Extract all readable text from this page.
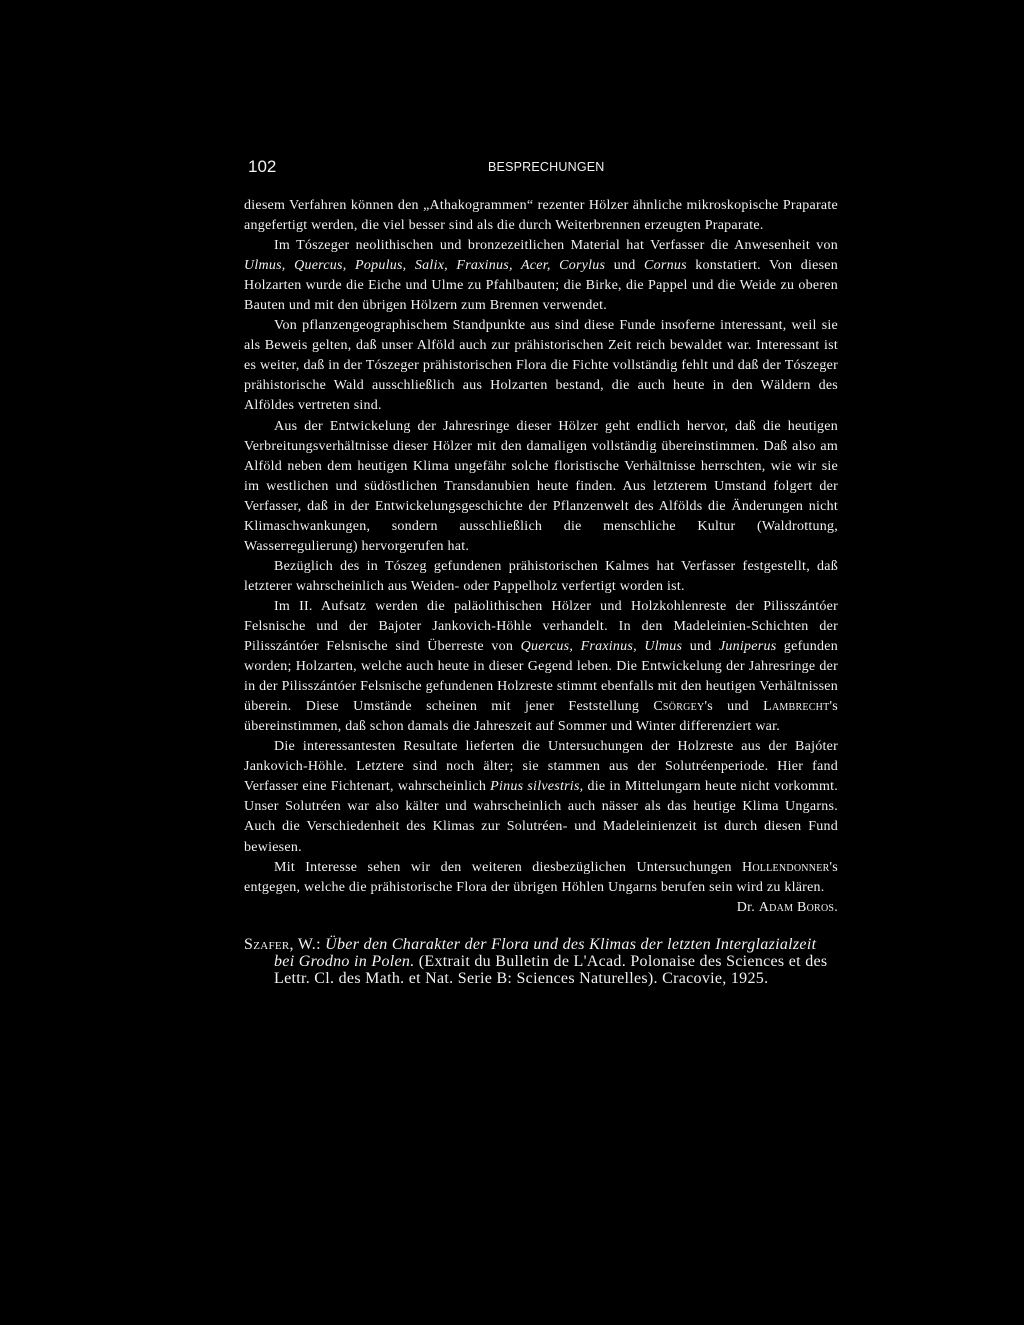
102	BESPRECHUNGEN

diesem Verfahren können den „Athakogrammen“ rezenter Hölzer ähnliche mikroskopische Praparate angefertigt werden, die viel besser sind als die durch Weiterbrennen erzeugten Praparate.

Im Tószeger neolithischen und bronzezeitlichen Material hat Verfasser die Anwesenheit von Ulmus, Quercus, Populus, Salix, Fraxinus, Acer, Corylus und Cornus konstatiert. Von diesen Holzarten wurde die Eiche und Ulme zu Pfahlbauten; die Birke, die Pappel und die Weide zu oberen Bauten und mit den übrigen Hölzern zum Brennen verwendet.

Von pflanzengeographischem Standpunkte aus sind diese Funde insoferne interessant, weil sie als Beweis gelten, daß unser Alföld auch zur prähistorischen Zeit reich bewaldet war. Interessant ist es weiter, daß in der Tószeger prähistorischen Flora die Fichte vollständig fehlt und daß der Tószeger prähistorische Wald ausschließlich aus Holzarten bestand, die auch heute in den Wäldern des Alföldes vertreten sind.

Aus der Entwickelung der Jahresringe dieser Hölzer geht endlich hervor, daß die heutigen Verbreitungsverhältnisse dieser Hölzer mit den damaligen vollständig übereinstimmen. Daß also am Alföld neben dem heutigen Klima ungefähr solche floristische Verhältnisse herrschten, wie wir sie im westlichen und südöstlichen Transdanubien heute finden. Aus letzterem Umstand folgert der Verfasser, daß in der Entwickelungsgeschichte der Pflanzenwelt des Alfölds die Änderungen nicht Klimaschwankungen, sondern ausschließlich die menschliche Kultur (Waldrottung, Wasserregulierung) hervorgerufen hat.

Bezüglich des in Tószeg gefundenen prähistorischen Kalmes hat Verfasser festgestellt, daß letzterer wahrscheinlich aus Weiden- oder Pappelholz verfertigt worden ist.

Im II. Aufsatz werden die paläolithischen Hölzer und Holzkohlenreste der Pilisszántóer Felsnische und der Bajoter Jankovich-Höhle verhandelt. In den Madeleinien-Schichten der Pilisszántóer Felsnische sind Überreste von Quercus, Fraxinus, Ulmus und Juniperus gefunden worden; Holzarten, welche auch heute in dieser Gegend leben. Die Entwickelung der Jahresringe der in der Pilisszántóer Felsnische gefundenen Holzreste stimmt ebenfalls mit den heutigen Verhältnissen überein. Diese Umstände scheinen mit jener Feststellung Csörgey's und Lambrecht's übereinstimmen, daß schon damals die Jahreszeit auf Sommer und Winter differenziert war.

Die interessantesten Resultate lieferten die Untersuchungen der Holzreste aus der Bajóter Jankovich-Höhle. Letztere sind noch älter; sie stammen aus der Solutréenperiode. Hier fand Verfasser eine Fichtenart, wahrscheinlich Pinus silvestris, die in Mittelungarn heute nicht vorkommt. Unser Solutréen war also kälter und wahrscheinlich auch nässer als das heutige Klima Ungarns. Auch die Verschiedenheit des Klimas zur Solutréen- und Madeleinienzeit ist durch diesen Fund bewiesen.

Mit Interesse sehen wir den weiteren diesbezüglichen Untersuchungen Hollendonner's entgegen, welche die prähistorische Flora der übrigen Höhlen Ungarns berufen sein wird zu klären.

Dr. Adam Boros.

Szafer, W.: Über den Charakter der Flora und des Klimas der letzten Interglazialzeit bei Grodno in Polen. (Extrait du Bulletin de L'Acad. Polonaise des Sciences et des Lettr. Cl. des Math. et Nat. Serie B: Sciences Naturelles). Cracovie, 1925.
